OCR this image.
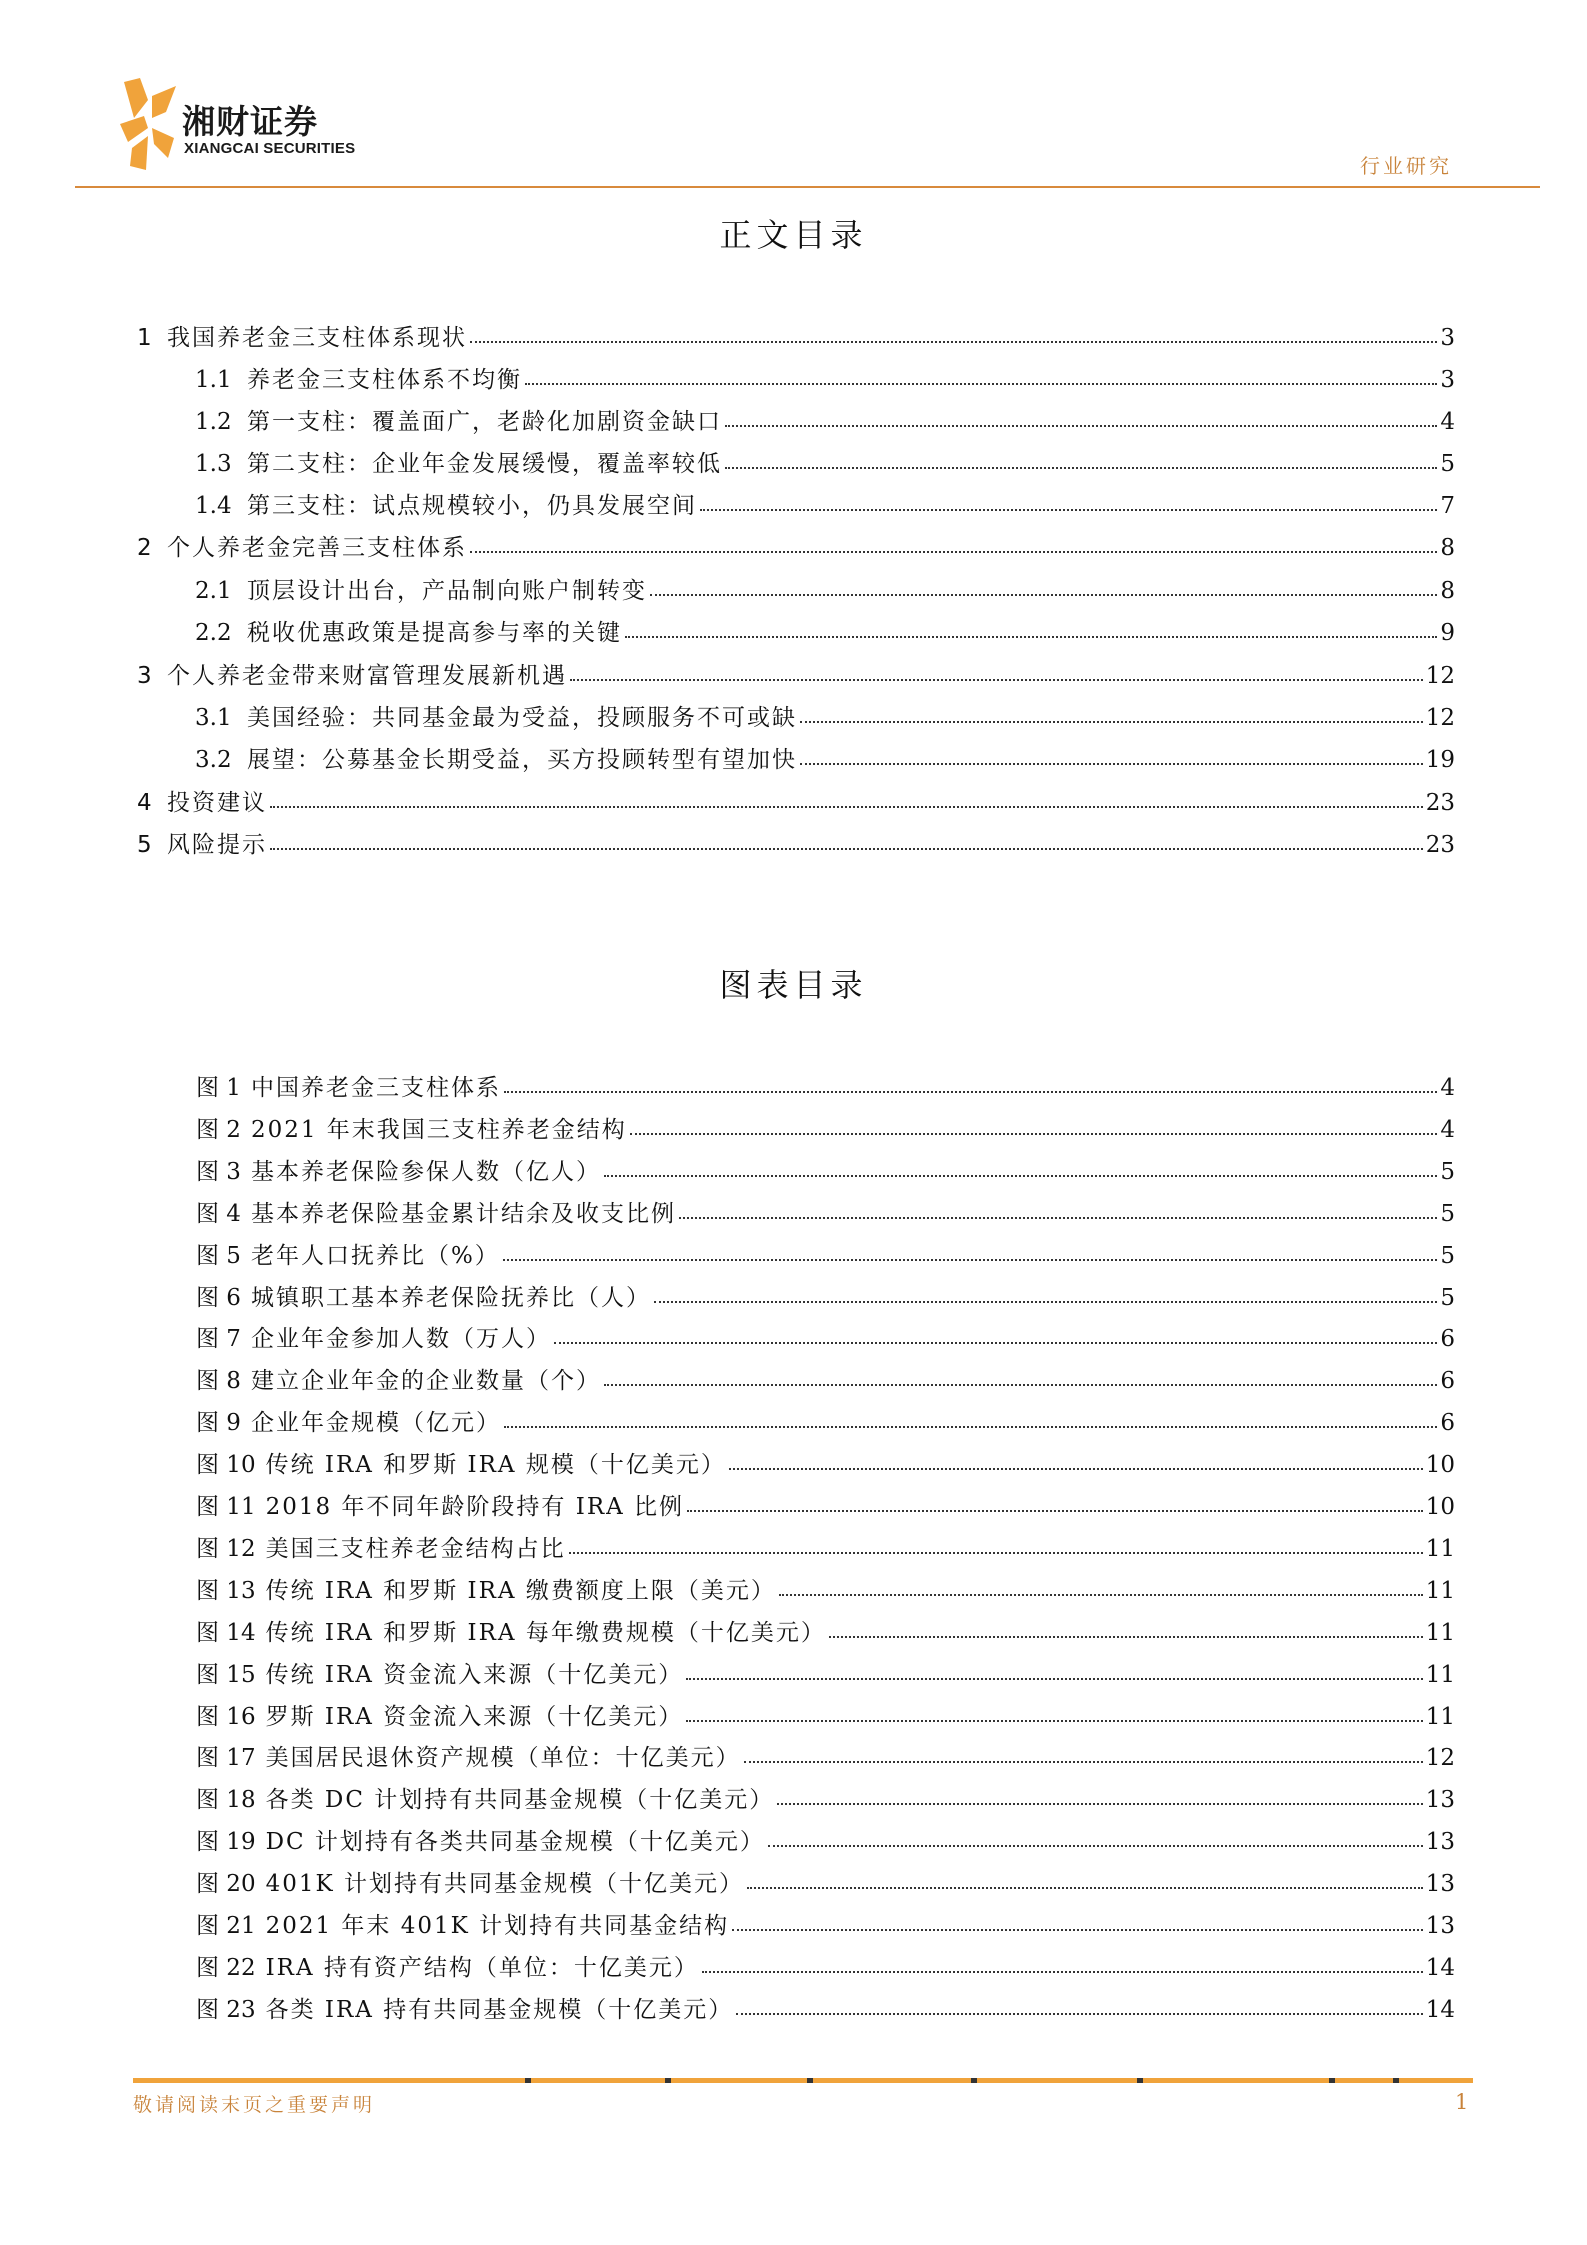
湘财证券
XIANGCAI SECURITIES
行业研究
正文目录
1 我国养老金三支柱体系现状	3
1.1 养老金三支柱体系不均衡	3
1.2 第一支柱：覆盖面广，老龄化加剧资金缺口	4
1.3 第二支柱：企业年金发展缓慢，覆盖率较低	5
1.4 第三支柱：试点规模较小，仍具发展空间	7
2 个人养老金完善三支柱体系	8
2.1 顶层设计出台，产品制向账户制转变	8
2.2 税收优惠政策是提高参与率的关键	9
3 个人养老金带来财富管理发展新机遇	12
3.1 美国经验：共同基金最为受益，投顾服务不可或缺	12
3.2 展望：公募基金长期受益，买方投顾转型有望加快	19
4 投资建议	23
5 风险提示	23
图表目录
图 1 中国养老金三支柱体系	4
图 2 2021 年末我国三支柱养老金结构	4
图 3 基本养老保险参保人数（亿人）	5
图 4 基本养老保险基金累计结余及收支比例	5
图 5 老年人口抚养比（%）	5
图 6 城镇职工基本养老保险抚养比（人）	5
图 7 企业年金参加人数（万人）	6
图 8 建立企业年金的企业数量（个）	6
图 9 企业年金规模（亿元）	6
图 10 传统 IRA 和罗斯 IRA 规模（十亿美元）	10
图 11 2018 年不同年龄阶段持有 IRA 比例	10
图 12 美国三支柱养老金结构占比	11
图 13 传统 IRA 和罗斯 IRA 缴费额度上限（美元）	11
图 14 传统 IRA 和罗斯 IRA 每年缴费规模（十亿美元）	11
图 15 传统 IRA 资金流入来源（十亿美元）	11
图 16 罗斯 IRA 资金流入来源（十亿美元）	11
图 17 美国居民退休资产规模（单位：十亿美元）	12
图 18 各类 DC 计划持有共同基金规模（十亿美元）	13
图 19 DC 计划持有各类共同基金规模（十亿美元）	13
图 20 401K 计划持有共同基金规模（十亿美元）	13
图 21 2021 年末 401K 计划持有共同基金结构	13
图 22 IRA 持有资产结构（单位：十亿美元）	14
图 23 各类 IRA 持有共同基金规模（十亿美元）	14
敬请阅读末页之重要声明	1
